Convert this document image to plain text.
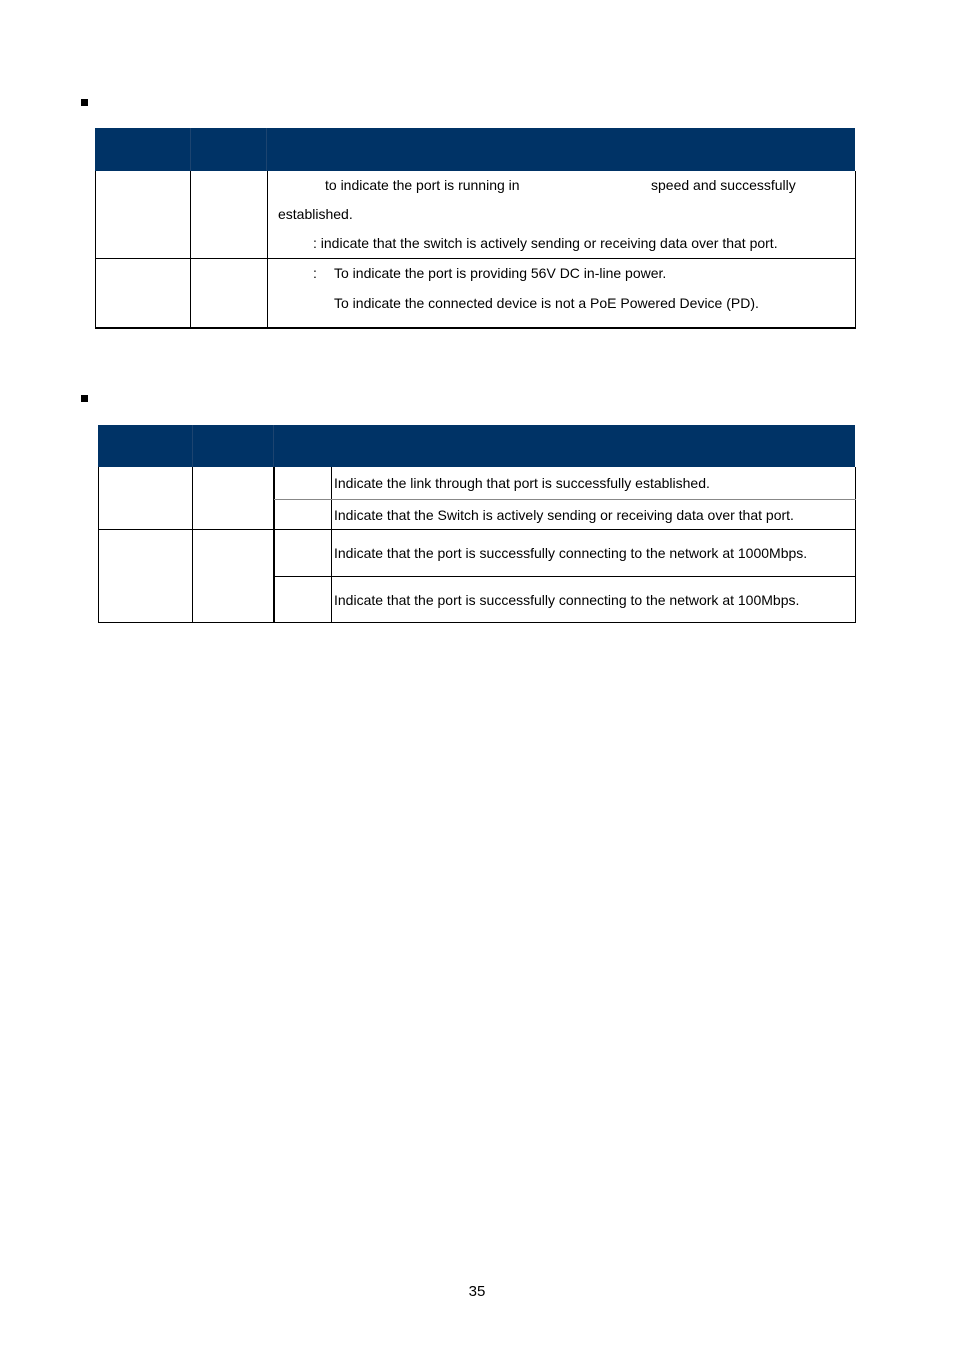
to indicate the port is running in	speed and successfully
established.
: indicate that the switch is actively sending or receiving data over that port.
: To indicate the port is providing 56V DC in-line power.
To indicate the connected device is not a PoE Powered Device (PD).
Indicate the link through that port is successfully established.
Indicate that the Switch is actively sending or receiving data over that port.
Indicate that the port is successfully connecting to the network at 1000Mbps.
Indicate that the port is successfully connecting to the network at 100Mbps.
35
